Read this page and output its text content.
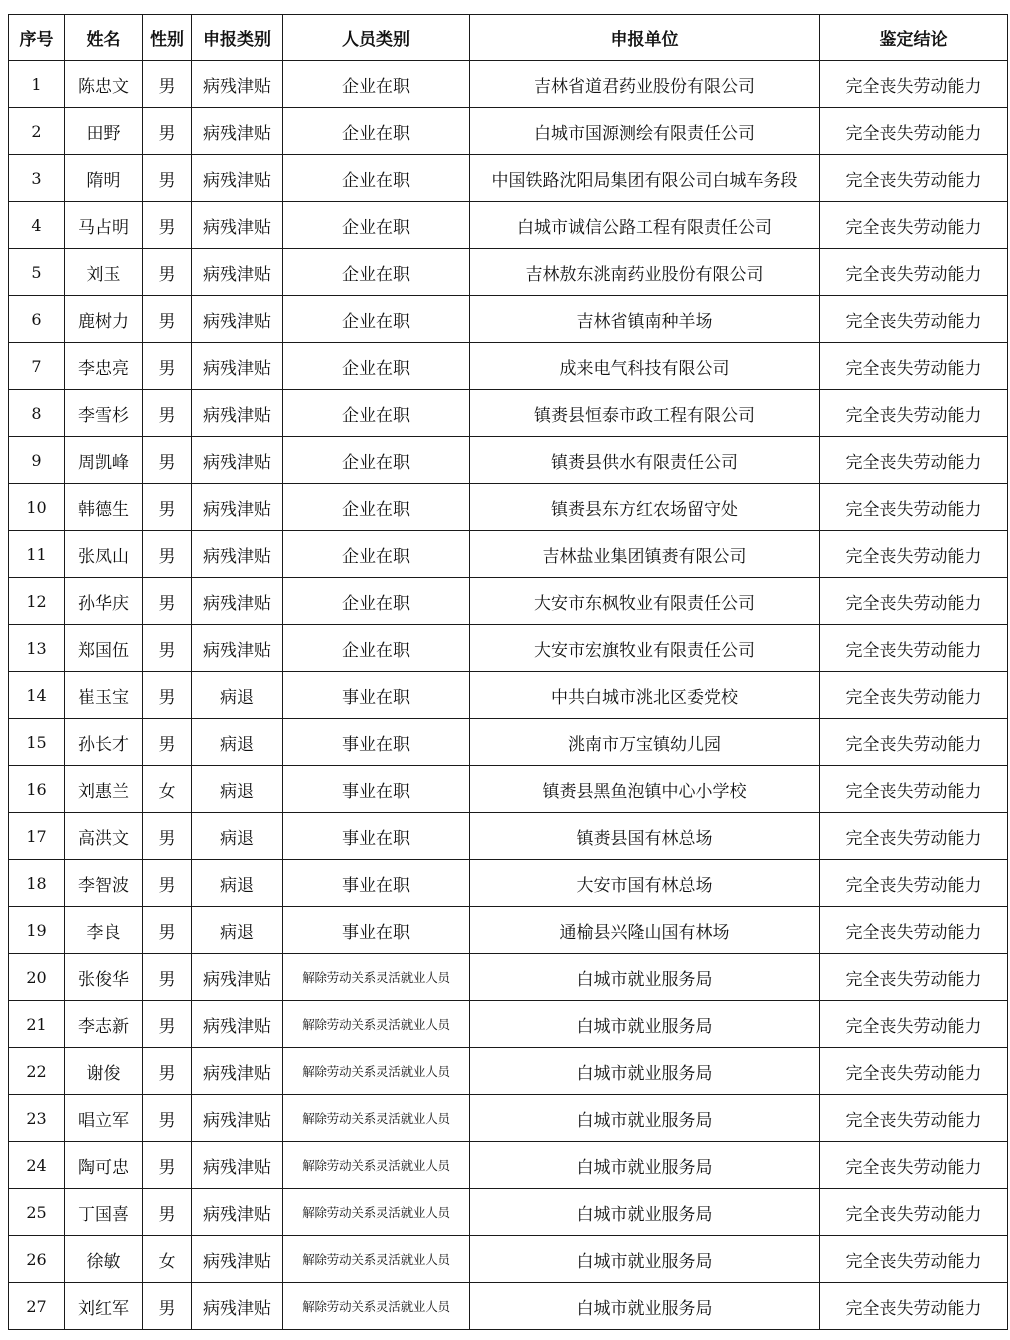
序号	姓名	性别	申报类别	人员类别	申报单位	鉴定结论
1	陈忠文	男	病残津贴	企业在职	吉林省道君药业股份有限公司	完全丧失劳动能力
2	田野	男	病残津贴	企业在职	白城市国源测绘有限责任公司	完全丧失劳动能力
3	隋明	男	病残津贴	企业在职	中国铁路沈阳局集团有限公司白城车务段	完全丧失劳动能力
4	马占明	男	病残津贴	企业在职	白城市诚信公路工程有限责任公司	完全丧失劳动能力
5	刘玉	男	病残津贴	企业在职	吉林敖东洮南药业股份有限公司	完全丧失劳动能力
6	鹿树力	男	病残津贴	企业在职	吉林省镇南种羊场	完全丧失劳动能力
7	李忠亮	男	病残津贴	企业在职	成来电气科技有限公司	完全丧失劳动能力
8	李雪杉	男	病残津贴	企业在职	镇赉县恒泰市政工程有限公司	完全丧失劳动能力
9	周凯峰	男	病残津贴	企业在职	镇赉县供水有限责任公司	完全丧失劳动能力
10	韩德生	男	病残津贴	企业在职	镇赉县东方红农场留守处	完全丧失劳动能力
11	张凤山	男	病残津贴	企业在职	吉林盐业集团镇赉有限公司	完全丧失劳动能力
12	孙华庆	男	病残津贴	企业在职	大安市东枫牧业有限责任公司	完全丧失劳动能力
13	郑国伍	男	病残津贴	企业在职	大安市宏旗牧业有限责任公司	完全丧失劳动能力
14	崔玉宝	男	病退	事业在职	中共白城市洮北区委党校	完全丧失劳动能力
15	孙长才	男	病退	事业在职	洮南市万宝镇幼儿园	完全丧失劳动能力
16	刘惠兰	女	病退	事业在职	镇赉县黑鱼泡镇中心小学校	完全丧失劳动能力
17	高洪文	男	病退	事业在职	镇赉县国有林总场	完全丧失劳动能力
18	李智波	男	病退	事业在职	大安市国有林总场	完全丧失劳动能力
19	李良	男	病退	事业在职	通榆县兴隆山国有林场	完全丧失劳动能力
20	张俊华	男	病残津贴	解除劳动关系灵活就业人员	白城市就业服务局	完全丧失劳动能力
21	李志新	男	病残津贴	解除劳动关系灵活就业人员	白城市就业服务局	完全丧失劳动能力
22	谢俊	男	病残津贴	解除劳动关系灵活就业人员	白城市就业服务局	完全丧失劳动能力
23	唱立军	男	病残津贴	解除劳动关系灵活就业人员	白城市就业服务局	完全丧失劳动能力
24	陶可忠	男	病残津贴	解除劳动关系灵活就业人员	白城市就业服务局	完全丧失劳动能力
25	丁国喜	男	病残津贴	解除劳动关系灵活就业人员	白城市就业服务局	完全丧失劳动能力
26	徐敏	女	病残津贴	解除劳动关系灵活就业人员	白城市就业服务局	完全丧失劳动能力
27	刘红军	男	病残津贴	解除劳动关系灵活就业人员	白城市就业服务局	完全丧失劳动能力
